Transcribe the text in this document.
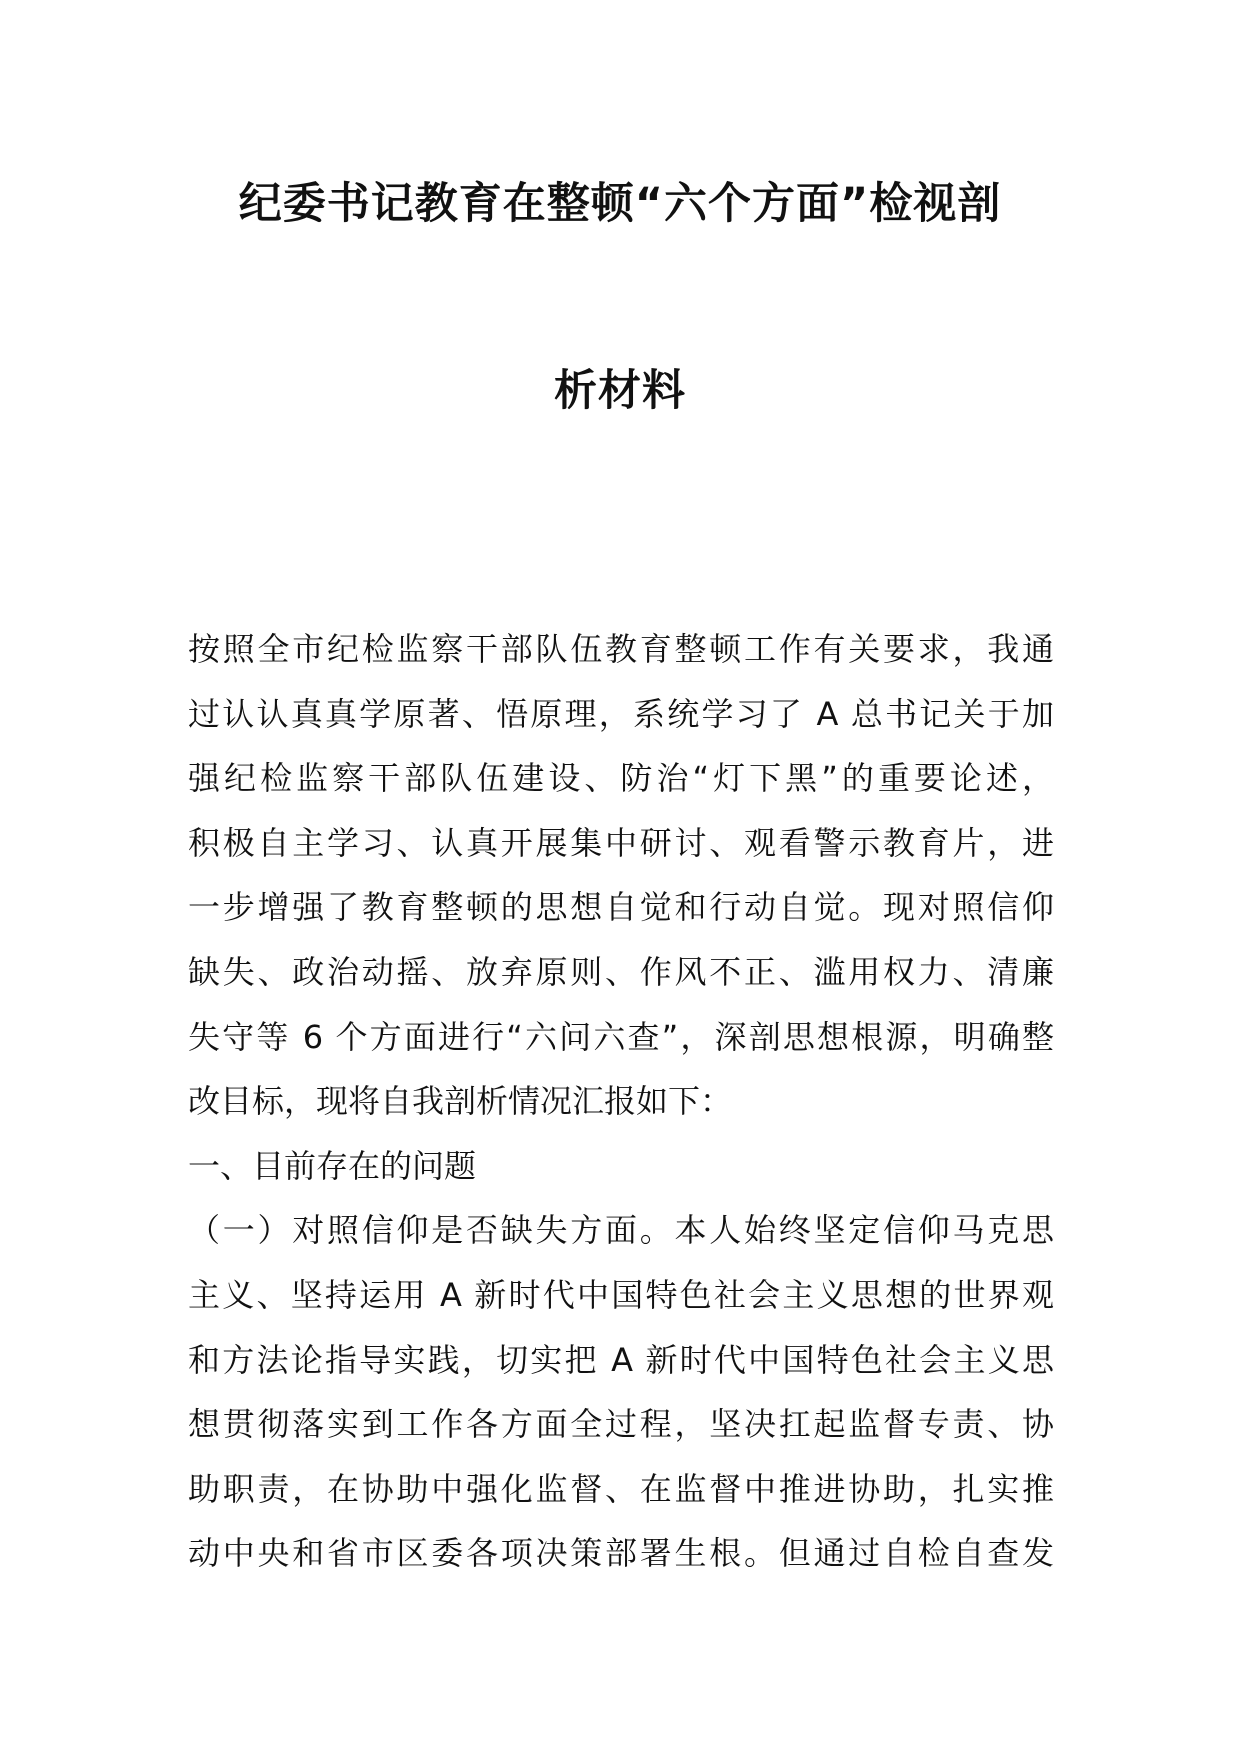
纪委书记教育在整顿“六个方面”检视剖
析材料
按照全市纪检监察干部队伍教育整顿工作有关要求，我通
过认认真真学原著、悟原理，系统学习了 A 总书记关于加
强纪检监察干部队伍建设、防治“灯下黑”的重要论述，
积极自主学习、认真开展集中研讨、观看警示教育片，进
一步增强了教育整顿的思想自觉和行动自觉。现对照信仰
缺失、政治动摇、放弃原则、作风不正、滥用权力、清廉
失守等 6 个方面进行“六问六查”，深剖思想根源，明确整
改目标，现将自我剖析情况汇报如下：
一、目前存在的问题
（一）对照信仰是否缺失方面。本人始终坚定信仰马克思
主义、坚持运用 A 新时代中国特色社会主义思想的世界观
和方法论指导实践，切实把 A 新时代中国特色社会主义思
想贯彻落实到工作各方面全过程，坚决扛起监督专责、协
助职责，在协助中强化监督、在监督中推进协助，扎实推
动中央和省市区委各项决策部署生根。但通过自检自查发
